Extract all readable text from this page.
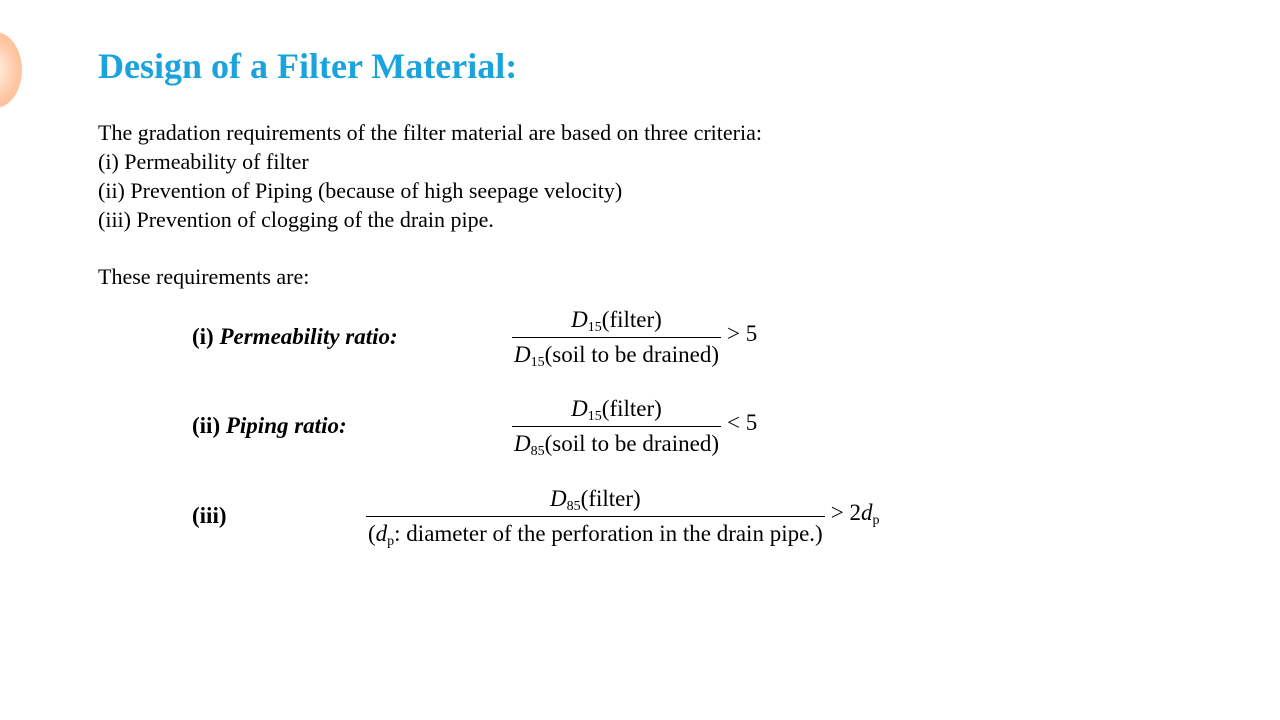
Design of a Filter Material:
The gradation requirements of the filter material are based on three criteria:
(i) Permeability of filter
(ii) Prevention of Piping (because of high seepage velocity)
(iii) Prevention of clogging of the drain pipe.
These requirements are:
(i) Permeability ratio:	$\frac{D_{15}(filter)}{D_{15}(soil to be drained)} > 5$
(ii) Piping ratio:	$\frac{D_{15}(filter)}{D_{85}(soil to be drained)} < 5$
(iii)	$\frac{D_{85}(filter)}{(d_p: diameter of the perforation in the drain pipe.)} > 2d_p$
